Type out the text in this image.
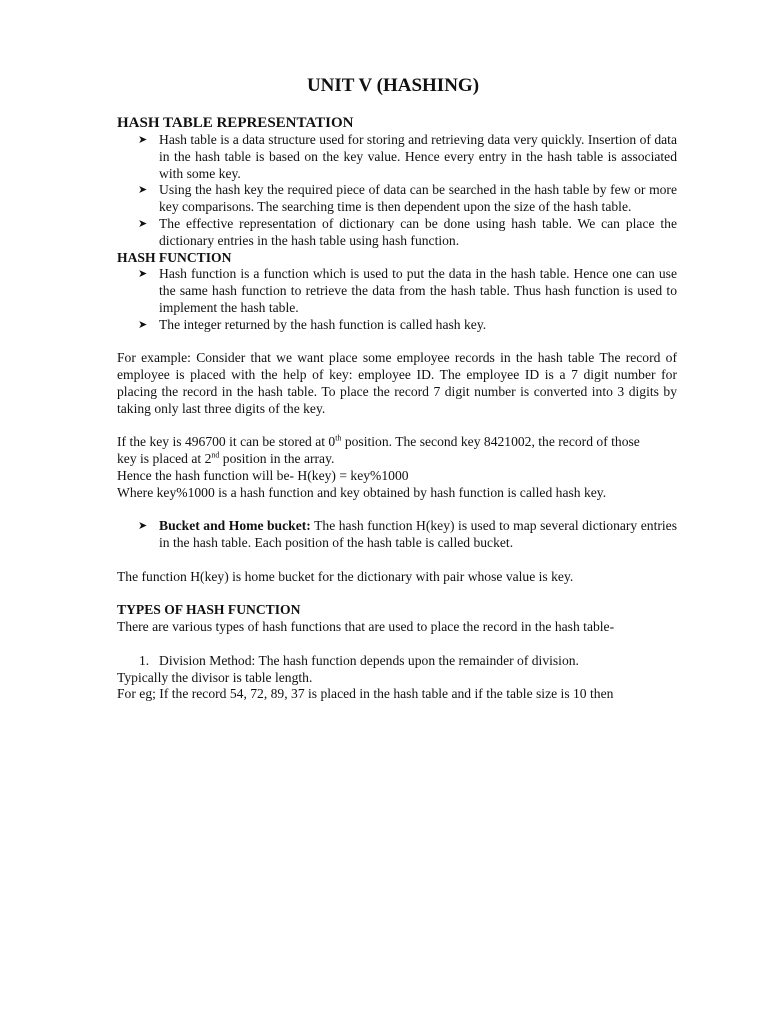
UNIT V (HASHING)
HASH TABLE REPRESENTATION
➤ Hash table is a data structure used for storing and retrieving data very quickly. Insertion of data in the hash table is based on the key value. Hence every entry in the hash table is associated with some key.
➤ Using the hash key the required piece of data can be searched in the hash table by few or more key comparisons. The searching time is then dependent upon the size of the hash table.
➤ The effective representation of dictionary can be done using hash table. We can place the dictionary entries in the hash table using hash function.
HASH FUNCTION
➤ Hash function is a function which is used to put the data in the hash table. Hence one can use the same hash function to retrieve the data from the hash table. Thus hash function is used to implement the hash table.
➤ The integer returned by the hash function is called hash key.

For example: Consider that we want place some employee records in the hash table The record of employee is placed with the help of key: employee ID. The employee ID is a 7 digit number for placing the record in the hash table. To place the record 7 digit number is converted into 3 digits by taking only last three digits of the key.

If the key is 496700 it can be stored at 0th position. The second key 8421002, the record of those

key is placed at 2nd position in the array.

Hence the hash function will be- H(key) = key%1000

Where key%1000 is a hash function and key obtained by hash function is called hash key.

➤ Bucket and Home bucket: The hash function H(key) is used to map several dictionary entries in the hash table. Each position of the hash table is called bucket.

The function H(key) is home bucket for the dictionary with pair whose value is key.

TYPES OF HASH FUNCTION

There are various types of hash functions that are used to place the record in the hash table-

1. Division Method: The hash function depends upon the remainder of division.

Typically the divisor is table length.

For eg; If the record 54, 72, 89, 37 is placed in the hash table and if the table size is 10 then
